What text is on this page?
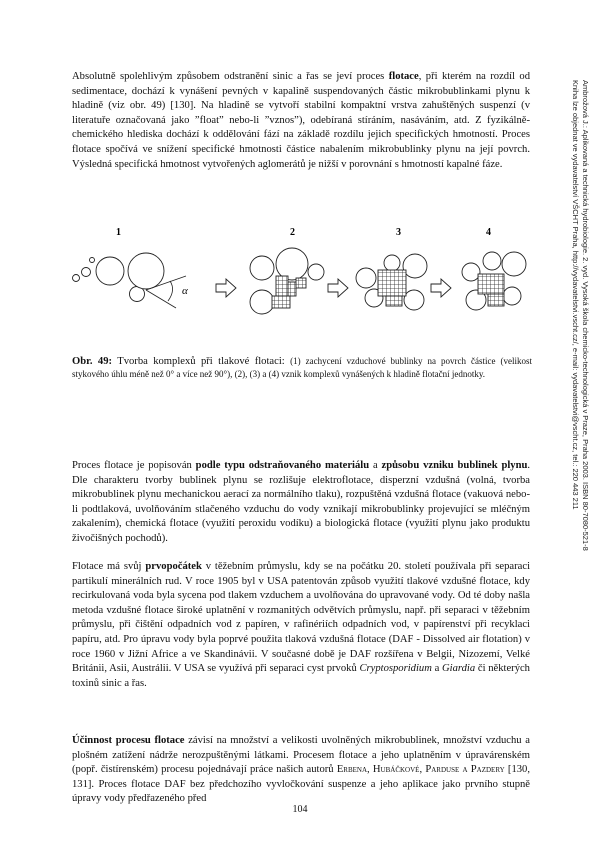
Absolutně spolehlivým způsobem odstranění sinic a řas se jeví proces flotace, při kterém na rozdíl od sedimentace, dochází k vynášení pevných v kapalině suspendovaných částic mikrobublinkami plynu k hladině (viz obr. 49) [130]. Na hladině se vytvoří stabilní kompaktní vrstva zahuštěných suspenzí (v literatuře označovaná jako ”float” nebo-li ”vznos”), odebíraná stíráním, nasáváním, atd. Z fyzikálně-chemického hlediska dochází k oddělování fází na základě rozdílu jejich specifických hmotností. Proces flotace spočívá ve snížení specifické hmotnosti částice nabalením mikrobublinky plynu na její povrch. Výsledná specifická hmotnost vytvořených aglomerátů je nižší v porovnání s hmotností kapalné fáze.

1	2	3	4
α
Obr. 49: Tvorba komplexů při tlakové flotaci: (1) zachycení vzduchové bublinky na povrch částice (velikost stykového úhlu méně než 0° a více než 90°), (2), (3) a (4) vznik komplexů vynášených k hladině flotační jednotky.

Proces flotace je popisován podle typu odstraňovaného materiálu a způsobu vzniku bublinek plynu. Dle charakteru tvorby bublinek plynu se rozlišuje elektroflotace, disperzní vzdušná (volná, tvorba mikrobublinek plynu mechanickou aerací za normálního tlaku), rozpuštěná vzdušná flotace (vakuová nebo-li podtlaková, uvolňováním stlačeného vzduchu do vody vznikají mikrobublinky projevující se mléčným zakalením), chemická flotace (využití peroxidu vodíku) a biologická flotace (využití plynu jako produktu živočišných pochodů).

Flotace má svůj prvopočátek v těžebním průmyslu, kdy se na počátku 20. století používala při separaci partikulí minerálních rud. V roce 1905 byl v USA patentován způsob využití tlakové vzdušné flotace, kdy recirkulovaná voda byla sycena pod tlakem vzduchem a uvolňována do upravované vody. Od té doby našla metoda vzdušné flotace široké uplatnění v rozmanitých odvětvích průmyslu, např. při separaci v těžebním průmyslu, při čištění odpadních vod z papíren, v rafinériích odpadních vod, v papírenství při recyklaci papíru, atd. Pro úpravu vody byla poprvé použita tlaková vzdušná flotace (DAF - Dissolved air flotation) v roce 1960 v Jižní Africe a ve Skandinávii. V současné době je DAF rozšířena v Belgii, Nizozemí, Velké Británii, Asii, Austrálii. V USA se využívá při separaci cyst prvoků Cryptosporidium a Giardia či některých toxinů sinic a řas.

Účinnost procesu flotace závisí na množství a velikosti uvolněných mikrobublinek, množství vzduchu a plošném zatížení nádrže nerozpuštěnými látkami. Procesem flotace a jeho uplatněním v úpravárenském (popř. čistírenském) procesu pojednávají práce našich autorů Erbena, Hubáčkové, Parduse a Pazdery [130, 131]. Proces flotace DAF bez předchozího vyvločkování suspenze a jeho aplikace jako prvního stupně úpravy vody předřazeného před

Ambrožová J.: Aplikovaná a technická hydrobiologie. 2. vyd. Vysoká škola chemicko-technologická v Praze, Praha 2003. ISBN 80-7080-521-8
Kniha lze objednat ve vydavatelství VŠCHT Praha, http://vydavatelstvi.vscht.cz/, e-mail: vydavatelstvi@vscht.cz, tel.: 220 443 211
104
